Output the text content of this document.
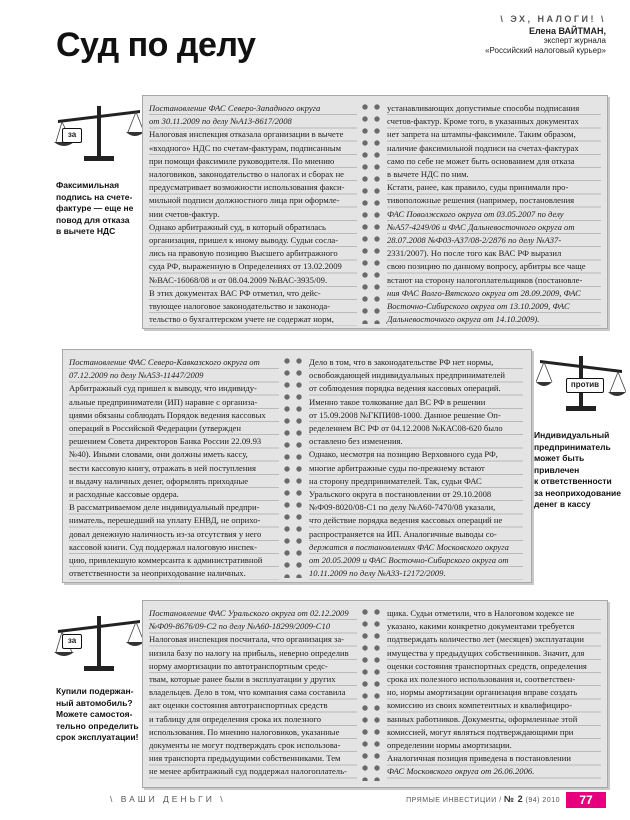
\ ЭХ, НАЛОГИ! \
Елена ВАЙТМАН,
эксперт журнала
«Российский налоговый курьер»
Суд по делу
за
Факсимильная
подпись на счете-
фактуре — еще не
повод для отказа
в вычете НДС

Постановление ФАС Северо-Западного округа

от 30.11.2009 по делу №А13-8617/2008

Налоговая инспекция отказала организации в вычете

«входного» НДС по счетам-фактурам, подписанным

при помощи факсимиле руководителя. По мнению

налоговиков, законодательство о налогах и сборах не

предусматривает возможности использования факси-

мильной подписи должностного лица при оформле-

нии счетов-фактур.

Однако арбитражный суд, в который обратилась

организация, пришел к иному выводу. Судьи сосла-

лись на правовую позицию Высшего арбитражного

суда РФ, выраженную в Определениях от 13.02.2009

№ВАС-16068/08 и от 08.04.2009 №ВАС-3935/09.

В этих документах ВАС РФ отметил, что дейс-

твующее налоговое законодательство и законода-

тельство о бухгалтерском учете не содержат норм,

устанавливающих допустимые способы подписания

счетов-фактур. Кроме того, в указанных документах

нет запрета на штампы-факсимиле. Таким образом,

наличие факсимильной подписи на счетах-фактурах

само по себе не может быть основанием для отказа

в вычете НДС по ним.

Кстати, ранее, как правило, суды принимали про-

тивоположные решения (например, постановления

ФАС Поволжского округа от 03.05.2007 по делу

№А57-4249/06 и ФАС Дальневосточного округа от

28.07.2008 №Ф03-А37/08-2/2876 по делу №А37-

2331/2007). Но после того как ВАС РФ выразил

свою позицию по данному вопросу, арбитры все чаще

встают на сторону налогоплательщиков (постановле-

ния ФАС Волго-Вятского округа от 28.09.2009, ФАС

Восточно-Сибирского округа от 13.10.2009, ФАС

Дальневосточного округа от 14.10.2009).

Постановление ФАС Северо-Кавказского округа от

07.12.2009 по делу №А53-11447/2009

Арбитражный суд пришел к выводу, что индивиду-

альные предприниматели (ИП) наравне с организа-

циями обязаны соблюдать Порядок ведения кассовых

операций в Российской Федерации (утвержден

решением Совета директоров Банка России 22.09.93

№40). Иными словами, они должны иметь кассу,

вести кассовую книгу, отражать в ней поступления

и выдачу наличных денег, оформлять приходные

и расходные кассовые ордера.

В рассматриваемом деле индивидуальный предпри-

ниматель, перешедший на уплату ЕНВД, не оприхо-

довал денежную наличность из-за отсутствия у него

кассовой книги. Суд поддержал налоговую инспек-

цию, привлекшую коммерсанта к административной

ответственности за неоприходование наличных.

Дело в том, что в законодательстве РФ нет нормы,

освобождающей индивидуальных предпринимателей

от соблюдения порядка ведения кассовых операций.

Именно такое толкование дал ВС РФ в решении

от 15.09.2008 №ГКПИ08-1000. Данное решение Оп-

ределением ВС РФ от 04.12.2008 №КАС08-620 было

оставлено без изменения.

Однако, несмотря на позицию Верховного суда РФ,

многие арбитражные суды по-прежнему встают

на сторону предпринимателей. Так, судьи ФАС

Уральского округа в постановлении от 29.10.2008

№Ф09-8020/08-С1 по делу №А60-7470/08 указали,

что действие порядка ведения кассовых операций не

распространяется на ИП. Аналогичные выводы со-

держатся в постановлениях ФАС Московского округа

от 20.05.2009 и ФАС Восточно-Сибирского округа от

10.11.2009 по делу №А33-12172/2009.

против
Индивидуальный
предприниматель
может быть
привлечен
к ответственности
за неоприходование
денег в кассу
за
Купили подержан-
ный автомобиль?
Можете самостоя-
тельно определить
срок эксплуатации!

Постановление ФАС Уральского округа от 02.12.2009

№Ф09-8676/09-С2 по делу №А60-18299/2009-С10

Налоговая инспекция посчитала, что организация за-

низила базу по налогу на прибыль, неверно определив

норму амортизации по автотранспортным средс-

твам, которые ранее были в эксплуатации у других

владельцев. Дело в том, что компания сама составила

акт оценки состояния автотранспортных средств

и таблицу для определения срока их полезного

использования. По мнению налоговиков, указанные

документы не могут подтверждать срок использова-

ния транспорта предыдущими собственниками. Тем

не менее арбитражный суд поддержал налогоплатель-

щика. Судьи отметили, что в Налоговом кодексе не

указано, какими конкретно документами требуется

подтверждать количество лет (месяцев) эксплуатации

имущества у предыдущих собственников. Значит, для

оценки состояния транспортных средств, определения

срока их полезного использования и, соответствен-

но, нормы амортизации организация вправе создать

комиссию из своих компетентных и квалифициро-

ванных работников. Документы, оформленные этой

комиссией, могут являться подтверждающими при

определении нормы амортизации.

Аналогичная позиция приведена в постановлении

ФАС Московского округа от 26.06.2006.

\ ВАШИ ДЕНЬГИ \	ПРЯМЫЕ ИНВЕСТИЦИИ / № 2 (94) 2010	77
